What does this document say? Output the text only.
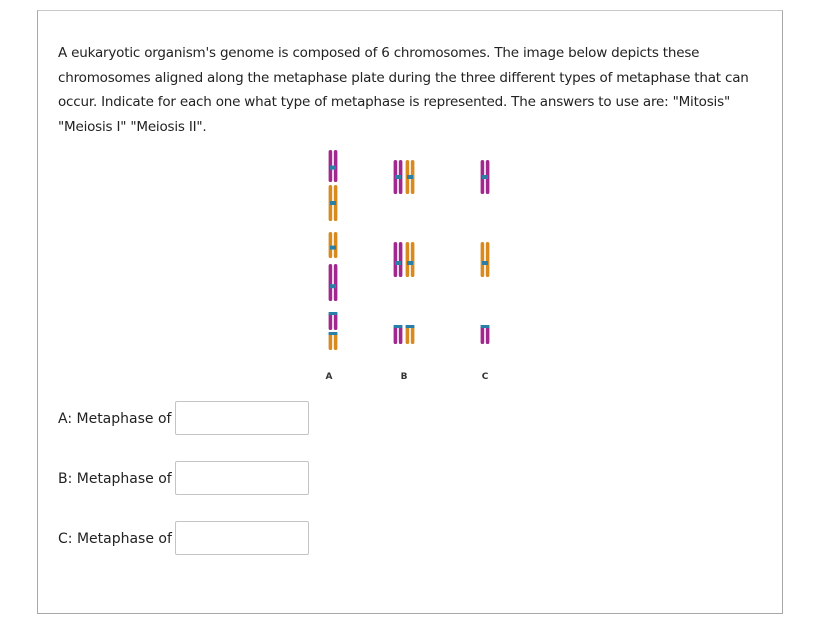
A eukaryotic organism's genome is composed of 6 chromosomes. The image below depicts these chromosomes aligned along the metaphase plate during the three different types of metaphase that can occur. Indicate for each one what type of metaphase is represented. The answers to use are: "Mitosis" "Meiosis I" "Meiosis II".
A	B	C
A: Metaphase of
B: Metaphase of
C: Metaphase of
